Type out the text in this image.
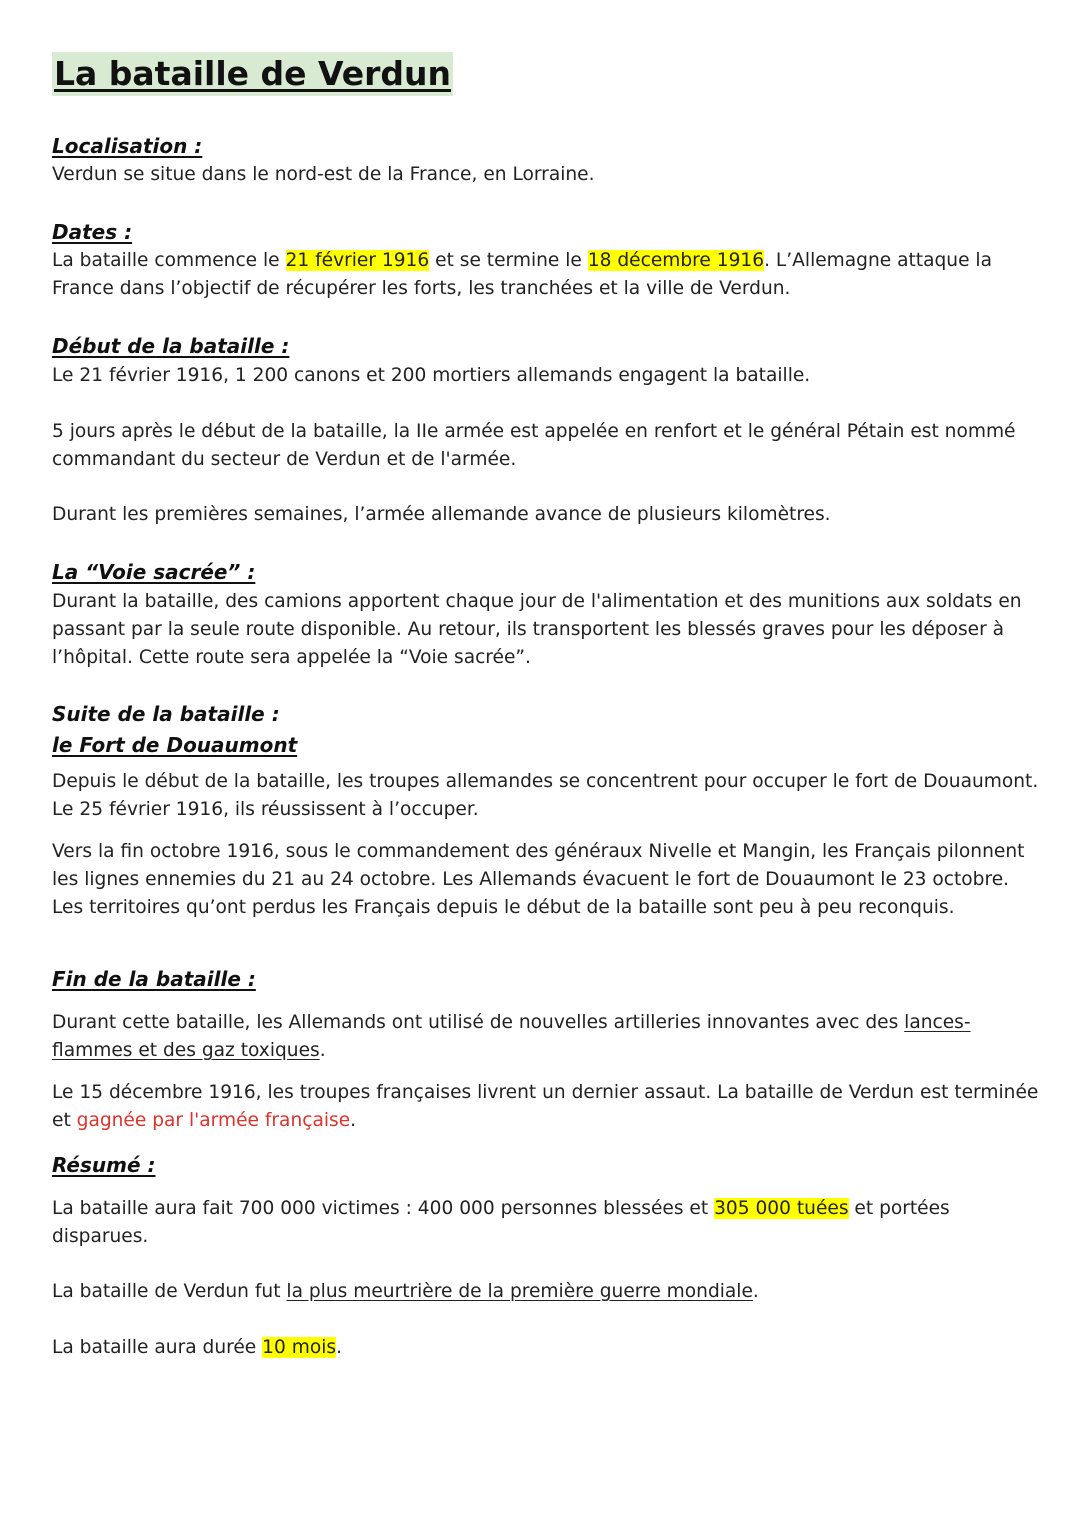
La bataille de Verdun
Localisation :

Verdun se situe dans le nord-est de la France, en Lorraine.

Dates :

La bataille commence le 21 février 1916 et se termine le 18 décembre 1916. L’Allemagne attaque la France dans l’objectif de récupérer les forts, les tranchées et la ville de Verdun.

Début de la bataille :

Le 21 février 1916, 1 200 canons et 200 mortiers allemands engagent la bataille.

5 jours après le début de la bataille, la IIe armée est appelée en renfort et le général Pétain est nommé commandant du secteur de Verdun et de l'armée.

Durant les premières semaines, l’armée allemande avance de plusieurs kilomètres.

La “Voie sacrée” :

Durant la bataille, des camions apportent chaque jour de l'alimentation et des munitions aux soldats en passant par la seule route disponible. Au retour, ils transportent les blessés graves pour les déposer à l’hôpital. Cette route sera appelée la “Voie sacrée”.

Suite de la bataille :
le Fort de Douaumont

Depuis le début de la bataille, les troupes allemandes se concentrent pour occuper le fort de Douaumont. Le 25 février 1916, ils réussissent à l’occuper.

Vers la fin octobre 1916, sous le commandement des généraux Nivelle et Mangin, les Français pilonnent les lignes ennemies du 21 au 24 octobre. Les Allemands évacuent le fort de Douaumont le 23 octobre. Les territoires qu’ont perdus les Français depuis le début de la bataille sont peu à peu reconquis.

Fin de la bataille :

Durant cette bataille, les Allemands ont utilisé de nouvelles artilleries innovantes avec des lances-flammes et des gaz toxiques.

Le 15 décembre 1916, les troupes françaises livrent un dernier assaut. La bataille de Verdun est terminée et gagnée par l'armée française.

Résumé :

La bataille aura fait 700 000 victimes : 400 000 personnes blessées et 305 000 tuées et portées disparues.

La bataille de Verdun fut la plus meurtrière de la première guerre mondiale.

La bataille aura durée 10 mois.
